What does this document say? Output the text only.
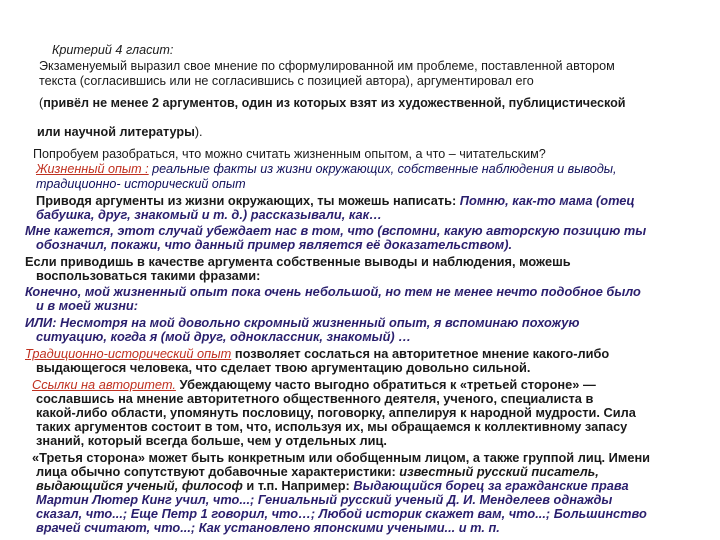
Критерий 4 гласит:
Экзаменуемый выразил свое мнение по сформулированной им проблеме, поставленной автором
текста (согласившись или не согласившись с позицией автора), аргументировал его
(привёл не менее 2 аргументов, один из которых взят из художественной, публицистической
или научной литературы).
Попробуем разобраться, что можно считать жизненным опытом, а что – читательским?
Жизненный опыт : реальные факты из жизни окружающих, собственные наблюдения и выводы,
традиционно- исторический опыт
Приводя аргументы из жизни окружающих, ты можешь написать: Помню, как-то мама (отец
бабушка, друг, знакомый и т. д.) рассказывали, как…
Мне кажется, этот случай убеждает нас в том, что (вспомни, какую авторскую позицию ты
обозначил, покажи, что данный пример является её доказательством).
Если приводишь в качестве аргумента собственные выводы и наблюдения, можешь
воспользоваться такими фразами:
Конечно, мой жизненный опыт пока очень небольшой, но тем не менее нечто подобное было
и в моей жизни:
ИЛИ: Несмотря на мой довольно скромный жизненный опыт, я вспоминаю похожую
ситуацию, когда я (мой друг, одноклассник, знакомый) …
Традиционно-исторический опыт позволяет сослаться на авторитетное мнение какого-либо
выдающегося человека, что сделает твою аргументацию довольно сильной.
Ссылки на авторитет. Убеждающему часто выгодно обратиться к «третьей стороне» —
сославшись на мнение авторитетного общественного деятеля, ученого, специалиста в
какой-либо области, упомянуть пословицу, поговорку, аппелируя к народной мудрости. Сила
таких аргументов состоит в том, что, используя их, мы обращаемся к коллективному запасу
знаний, который всегда больше, чем у отдельных лиц.
«Третья сторона» может быть конкретным или обобщенным лицом, а также группой лиц. Имени
лица обычно сопутствуют добавочные характеристики: известный русский писатель,
выдающийся ученый, философ и т.п. Например: Выдающийся борец за гражданские права
Мартин Лютер Кинг учил, что...; Гениальный русский ученый Д. И. Менделеев однажды
сказал, что...; Еще Петр 1 говорил, что…; Любой историк скажет вам, что...; Большинство
врачей считают, что...; Как установлено японскими учеными... и т. п.
